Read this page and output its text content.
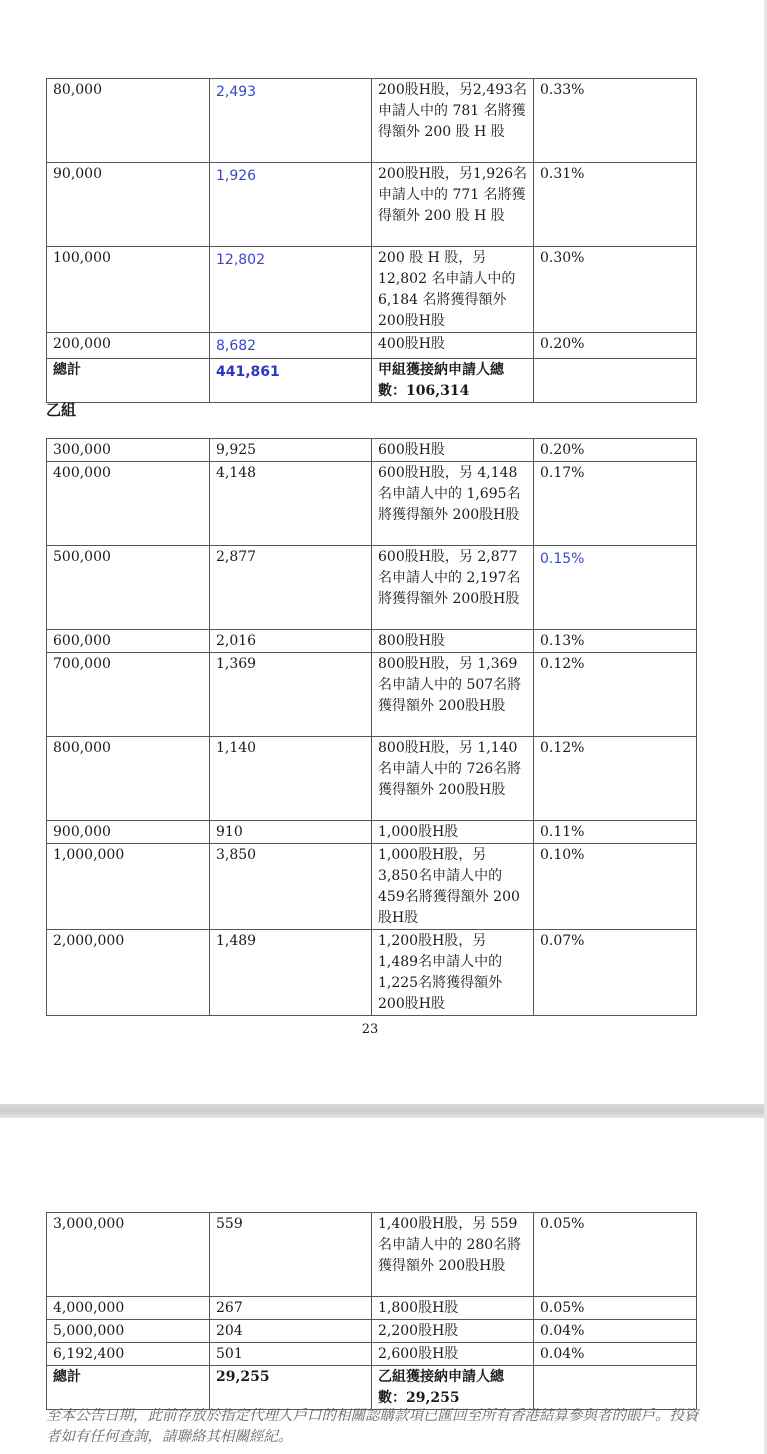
80,000	2,493	200股H股，另2,493名申請人中的 781 名將獲得額外 200 股 H 股	0.33%
90,000	1,926	200股H股，另1,926名申請人中的 771 名將獲得額外 200 股 H 股	0.31%
100,000	12,802	200 股 H 股，另 12,802 名申請人中的 6,184 名將獲得額外 200股H股	0.30%
200,000	8,682	400股H股	0.20%
總計	441,861	甲組獲接納申請人總數：106,314	
乙組
300,000	9,925	600股H股	0.20%
400,000	4,148	600股H股，另 4,148名申請人中的 1,695名將獲得額外 200股H股	0.17%
500,000	2,877	600股H股，另 2,877名申請人中的 2,197名將獲得額外 200股H股	0.15%
600,000	2,016	800股H股	0.13%
700,000	1,369	800股H股，另 1,369名申請人中的 507名將獲得額外 200股H股	0.12%
800,000	1,140	800股H股，另 1,140名申請人中的 726名將獲得額外 200股H股	0.12%
900,000	910	1,000股H股	0.11%
1,000,000	3,850	1,000股H股，另 3,850名申請人中的 459名將獲得額外 200股H股	0.10%
2,000,000	1,489	1,200股H股，另 1,489名申請人中的 1,225名將獲得額外 200股H股	0.07%
23
3,000,000	559	1,400股H股，另 559名申請人中的 280名將獲得額外 200股H股	0.05%
4,000,000	267	1,800股H股	0.05%
5,000,000	204	2,200股H股	0.04%
6,192,400	501	2,600股H股	0.04%
總計	29,255	乙組獲接納申請人總數：29,255	
至本公告日期，此前存放於指定代理人戶口的相關認購款項已匯回至所有香港結算參與者的賬戶。投資者如有任何查詢，請聯絡其相關經紀。
